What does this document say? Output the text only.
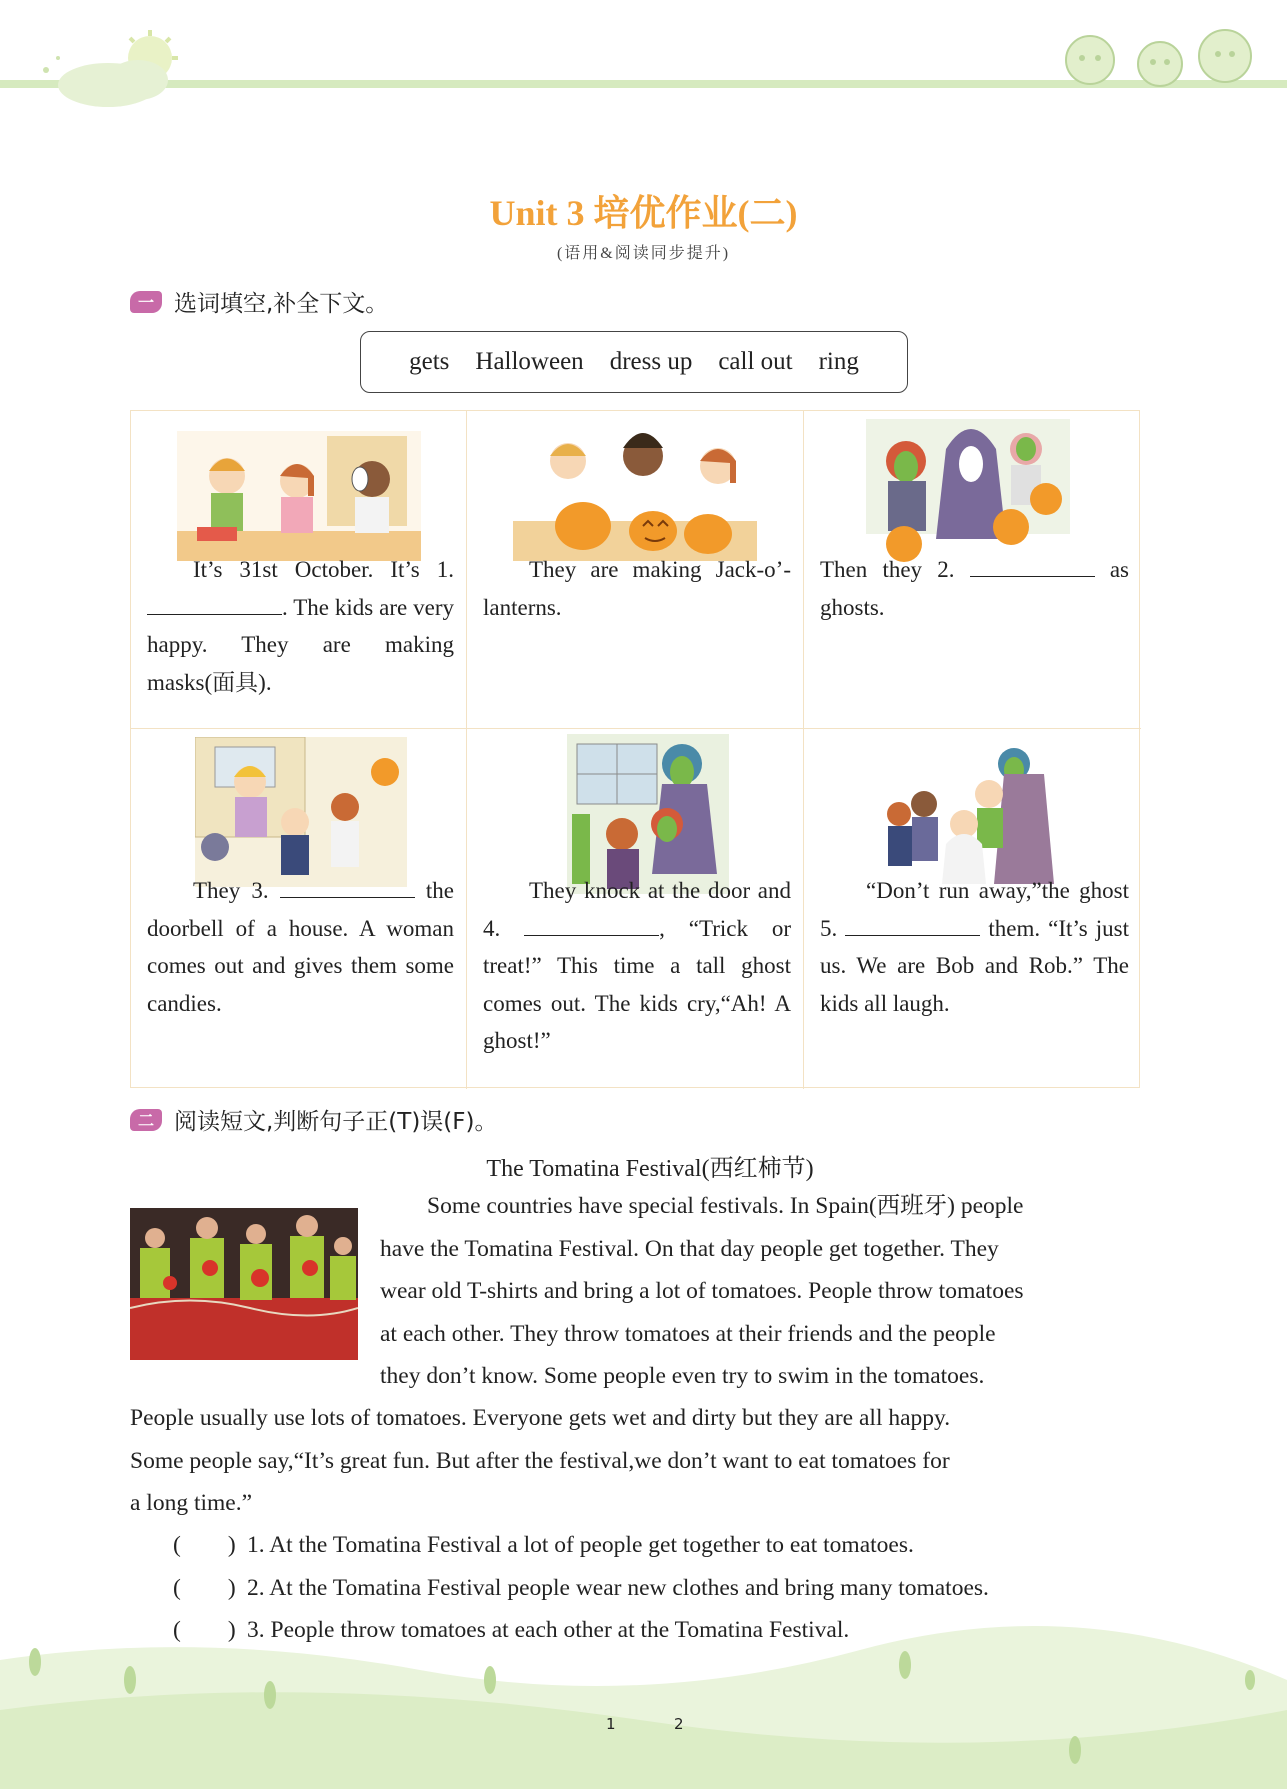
Unit 3 培优作业(二)
(语用&阅读同步提升)
一 选词填空,补全下文。
gets Halloween dress up call out ring
It’s 31st October. It’s 1. . The kids are very happy. They are making masks(面具).
They are making Jack-o’-lanterns.
Then they 2.	as ghosts.
They 3.	the doorbell of a house. A woman comes out and gives them some candies.
They knock at the door and 4.	, “Trick or treat!” This time a tall ghost comes out. The kids cry,“Ah! A ghost!”
“Don’t run away,”the ghost 5.	them. “It’s just us. We are Bob and Rob.” The kids all laugh.
二 阅读短文,判断句子正(T)误(F)。
The Tomatina Festival(西红柿节)
Some countries have special festivals. In Spain(西班牙) people
have the Tomatina Festival. On that day people get together. They
wear old T-shirts and bring a lot of tomatoes. People throw tomatoes
at each other. They throw tomatoes at their friends and the people
they don’t know. Some people even try to swim in the tomatoes.
People usually use lots of tomatoes. Everyone gets wet and dirty but they are all happy.
Some people say,“It’s great fun. But after the festival,we don’t want to eat tomatoes for
a long time.”
(        ) 1. At the Tomatina Festival a lot of people get together to eat tomatoes.
(        ) 2. At the Tomatina Festival people wear new clothes and bring many tomatoes.
(        ) 3. People throw tomatoes at each other at the Tomatina Festival.
1	2
